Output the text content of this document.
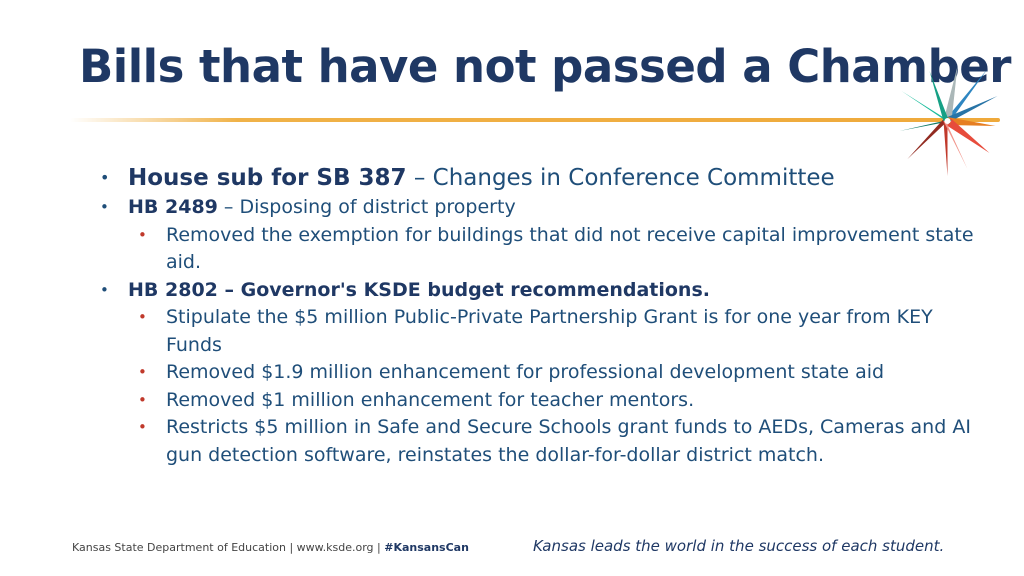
Bills that have not passed a Chamber
• House sub for SB 387 – Changes in Conference Committee
• HB 2489 – Disposing of district property
• Removed the exemption for buildings that did not receive capital improvement state aid.
• HB 2802 – Governor's KSDE budget recommendations.
• Stipulate the $5 million Public-Private Partnership Grant is for one year from KEY Funds
• Removed $1.9 million enhancement for professional development state aid
• Removed $1 million enhancement for teacher mentors.
• Restricts $5 million in Safe and Secure Schools grant funds to AEDs, Cameras and AI gun detection software, reinstates the dollar-for-dollar district match.
Kansas State Department of Education | www.ksde.org | #KansansCan	Kansas leads the world in the success of each student.
